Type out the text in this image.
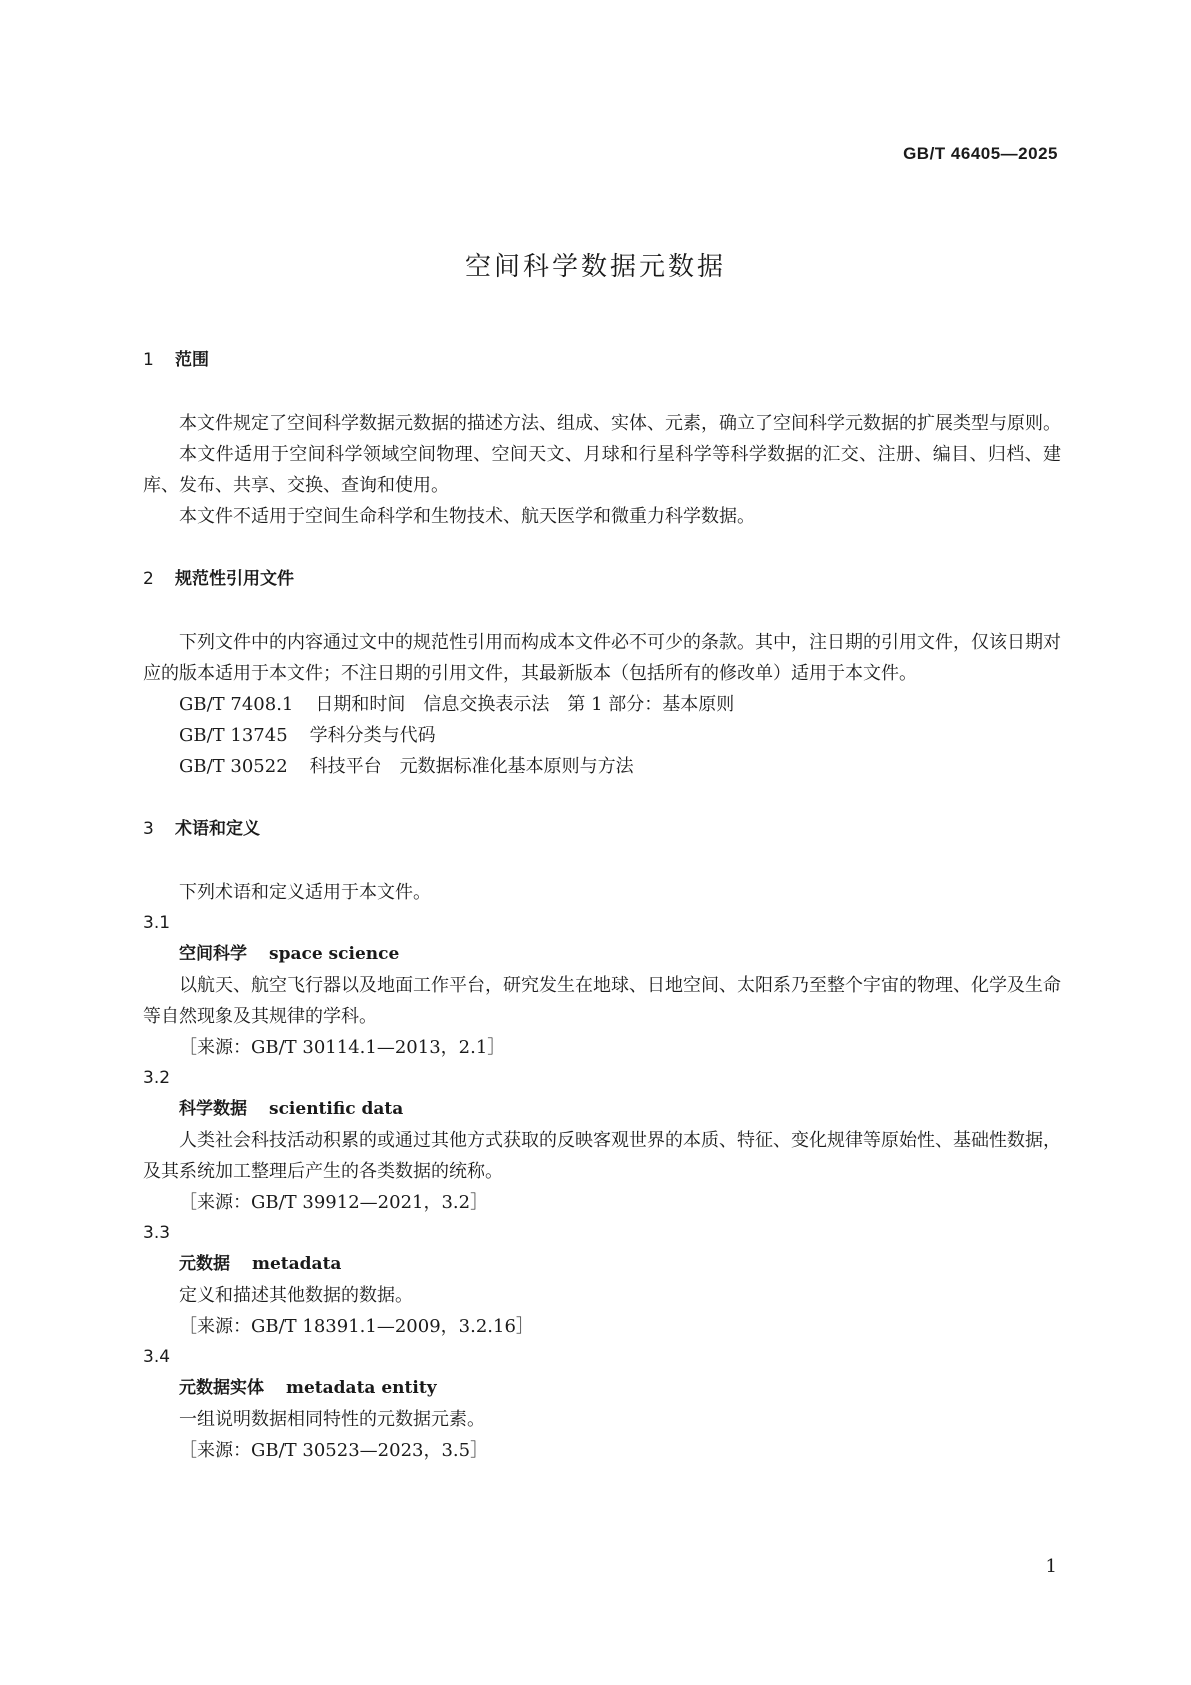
GB/T 46405—2025
空间科学数据元数据
1 范围

本文件规定了空间科学数据元数据的描述方法、组成、实体、元素，确立了空间科学元数据的扩展类型与原则。

本文件适用于空间科学领域空间物理、空间天文、月球和行星科学等科学数据的汇交、注册、编目、归档、建库、发布、共享、交换、查询和使用。

本文件不适用于空间生命科学和生物技术、航天医学和微重力科学数据。

2 规范性引用文件

下列文件中的内容通过文中的规范性引用而构成本文件必不可少的条款。其中，注日期的引用文件，仅该日期对应的版本适用于本文件；不注日期的引用文件，其最新版本（包括所有的修改单）适用于本文件。

GB/T 7408.1 日期和时间　信息交换表示法　第 1 部分：基本原则

GB/T 13745 学科分类与代码

GB/T 30522 科技平台　元数据标准化基本原则与方法

3 术语和定义

下列术语和定义适用于本文件。

3.1

空间科学 space science

以航天、航空飞行器以及地面工作平台，研究发生在地球、日地空间、太阳系乃至整个宇宙的物理、化学及生命等自然现象及其规律的学科。

［来源：GB/T 30114.1—2013，2.1］

3.2

科学数据 scientific data

人类社会科技活动积累的或通过其他方式获取的反映客观世界的本质、特征、变化规律等原始性、基础性数据，及其系统加工整理后产生的各类数据的统称。

［来源：GB/T 39912—2021，3.2］

3.3

元数据 metadata

定义和描述其他数据的数据。

［来源：GB/T 18391.1—2009，3.2.16］

3.4

元数据实体 metadata entity

一组说明数据相同特性的元数据元素。

［来源：GB/T 30523—2023，3.5］

1
